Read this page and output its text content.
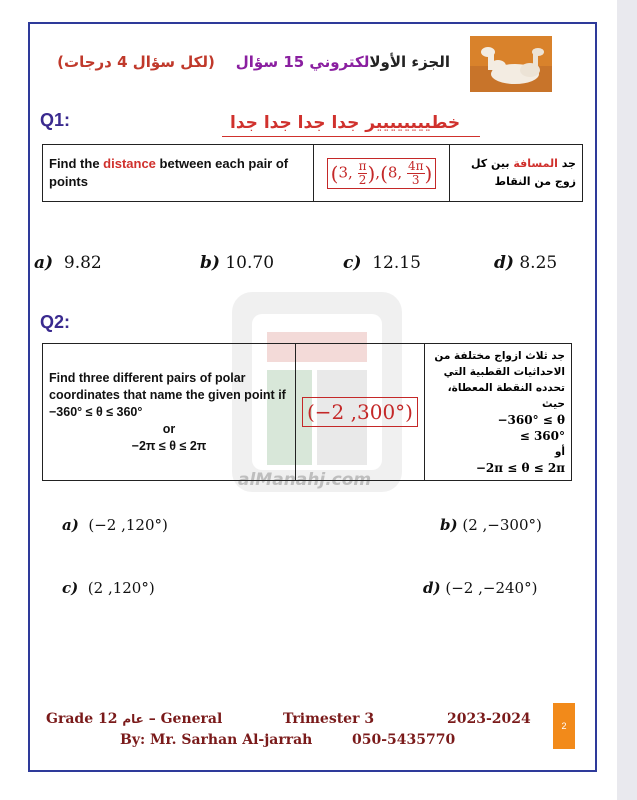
الجزء الأولالكتروني 15 سؤال    (لكل سؤال 4 درجات)
Q1:	خطيييييييير جدا جدا جدا جدا
Find the distance between each pair of points	(3, $\frac{\pi}{2} ),(8$, $\frac{4\pi}{3}$ )	جد المسافة بين كل زوج من النقاط
a) 9.82	b) 10.70	c) 12.15	d) 8.25
alManahj.com
Q2:
Find three different pairs of polar coordinates that name the given point if −360° ≤ θ ≤ 360°
or
−2π ≤ θ ≤ 2π
	(−2 ,300°)	جد ثلاث ازواج مختلفة من الاحداثيات القطبية التي تحدده النقطة المعطاة، حيث
−360° ≤ θ
≤ 360°
أو
−2π ≤ θ ≤ 2π
a) (−2 ,120°)	b) (2 ,−300°)
c) (2 ,120°)	d) (−2 ,−240°)
Grade عام 12 – General	Trimester 3	2023-2024
By: Mr. Sarhan Al-jarrah	050-5435770
2
